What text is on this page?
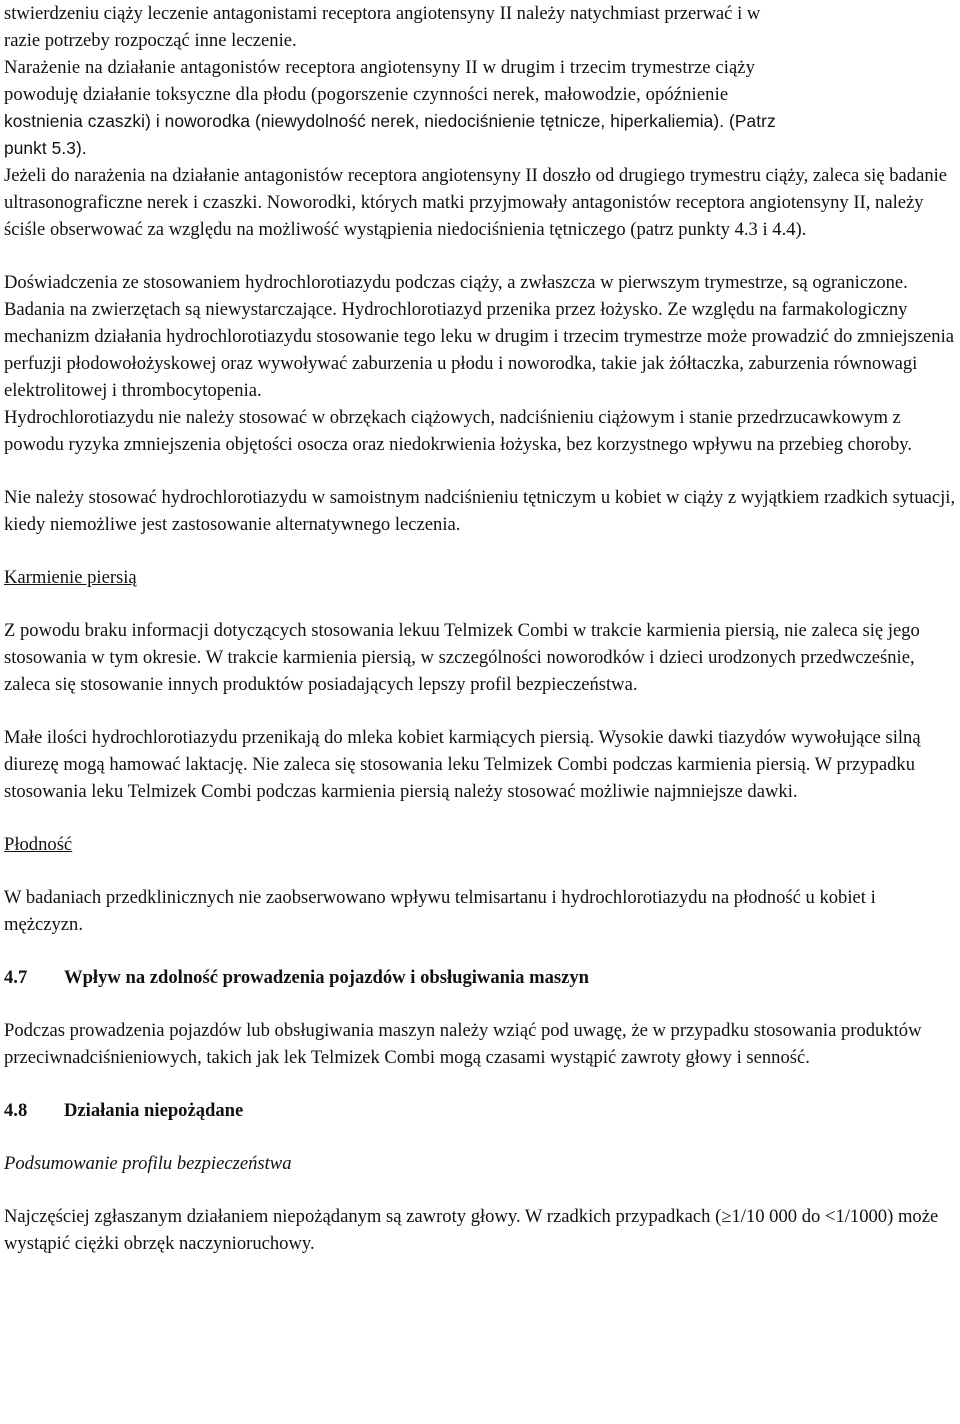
stwierdzeniu ciąży leczenie antagonistami receptora angiotensyny II należy natychmiast przerwać i w
razie potrzeby rozpocząć inne leczenie.

Narażenie na działanie antagonistów receptora angiotensyny II w drugim i trzecim trymestrze ciąży
powoduję działanie toksyczne dla płodu (pogorszenie czynności nerek, małowodzie, opóźnienie
kostnienia czaszki) i noworodka (niewydolność nerek, niedociśnienie tętnicze, hiperkaliemia). (Patrz
punkt 5.3).

Jeżeli do narażenia na działanie antagonistów receptora angiotensyny II doszło od drugiego trymestru ciąży, zaleca się badanie ultrasonograficzne nerek i czaszki. Noworodki, których matki przyjmowały antagonistów receptora angiotensyny II, należy ściśle obserwować za względu na możliwość wystąpienia niedociśnienia tętniczego (patrz punkty 4.3 i 4.4).

Doświadczenia ze stosowaniem hydrochlorotiazydu podczas ciąży, a zwłaszcza w pierwszym trymestrze, są ograniczone. Badania na zwierzętach są niewystarczające. Hydrochlorotiazyd przenika przez łożysko. Ze względu na farmakologiczny mechanizm działania hydrochlorotiazydu stosowanie tego leku w drugim i trzecim trymestrze może prowadzić do zmniejszenia perfuzji płodowołożyskowej oraz wywoływać zaburzenia u płodu i noworodka, takie jak żółtaczka, zaburzenia równowagi elektrolitowej i thrombocytopenia.

Hydrochlorotiazydu nie należy stosować w obrzękach ciążowych, nadciśnieniu ciążowym i stanie przedrzucawkowym z powodu ryzyka zmniejszenia objętości osocza oraz niedokrwienia łożyska, bez korzystnego wpływu na przebieg choroby.

Nie należy stosować hydrochlorotiazydu w samoistnym nadciśnieniu tętniczym u kobiet w ciąży z wyjątkiem rzadkich sytuacji, kiedy niemożliwe jest zastosowanie alternatywnego leczenia.

Karmienie piersią

Z powodu braku informacji dotyczących stosowania lekuu Telmizek Combi w trakcie karmienia piersią, nie zaleca się jego stosowania w tym okresie. W trakcie karmienia piersią, w szczególności noworodków i dzieci urodzonych przedwcześnie, zaleca się stosowanie innych produktów posiadających lepszy profil bezpieczeństwa.

Małe ilości hydrochlorotiazydu przenikają do mleka kobiet karmiących piersią. Wysokie dawki tiazydów wywołujące silną diurezę mogą hamować laktację. Nie zaleca się stosowania leku Telmizek Combi podczas karmienia piersią. W przypadku stosowania leku Telmizek Combi podczas karmienia piersią należy stosować możliwie najmniejsze dawki.

Płodność

W badaniach przedklinicznych nie zaobserwowano wpływu telmisartanu i hydrochlorotiazydu na płodność u kobiet i mężczyzn.

4.7	Wpływ na zdolność prowadzenia pojazdów i obsługiwania maszyn

Podczas prowadzenia pojazdów lub obsługiwania maszyn należy wziąć pod uwagę, że w przypadku stosowania produktów przeciwnadciśnieniowych, takich jak lek Telmizek Combi mogą czasami wystąpić zawroty głowy i senność.

4.8	Działania niepożądane

Podsumowanie profilu bezpieczeństwa

Najczęściej zgłaszanym działaniem niepożądanym są zawroty głowy. W rzadkich przypadkach (≥1/10 000 do <1/1000) może wystąpić ciężki obrzęk naczynioruchowy.
